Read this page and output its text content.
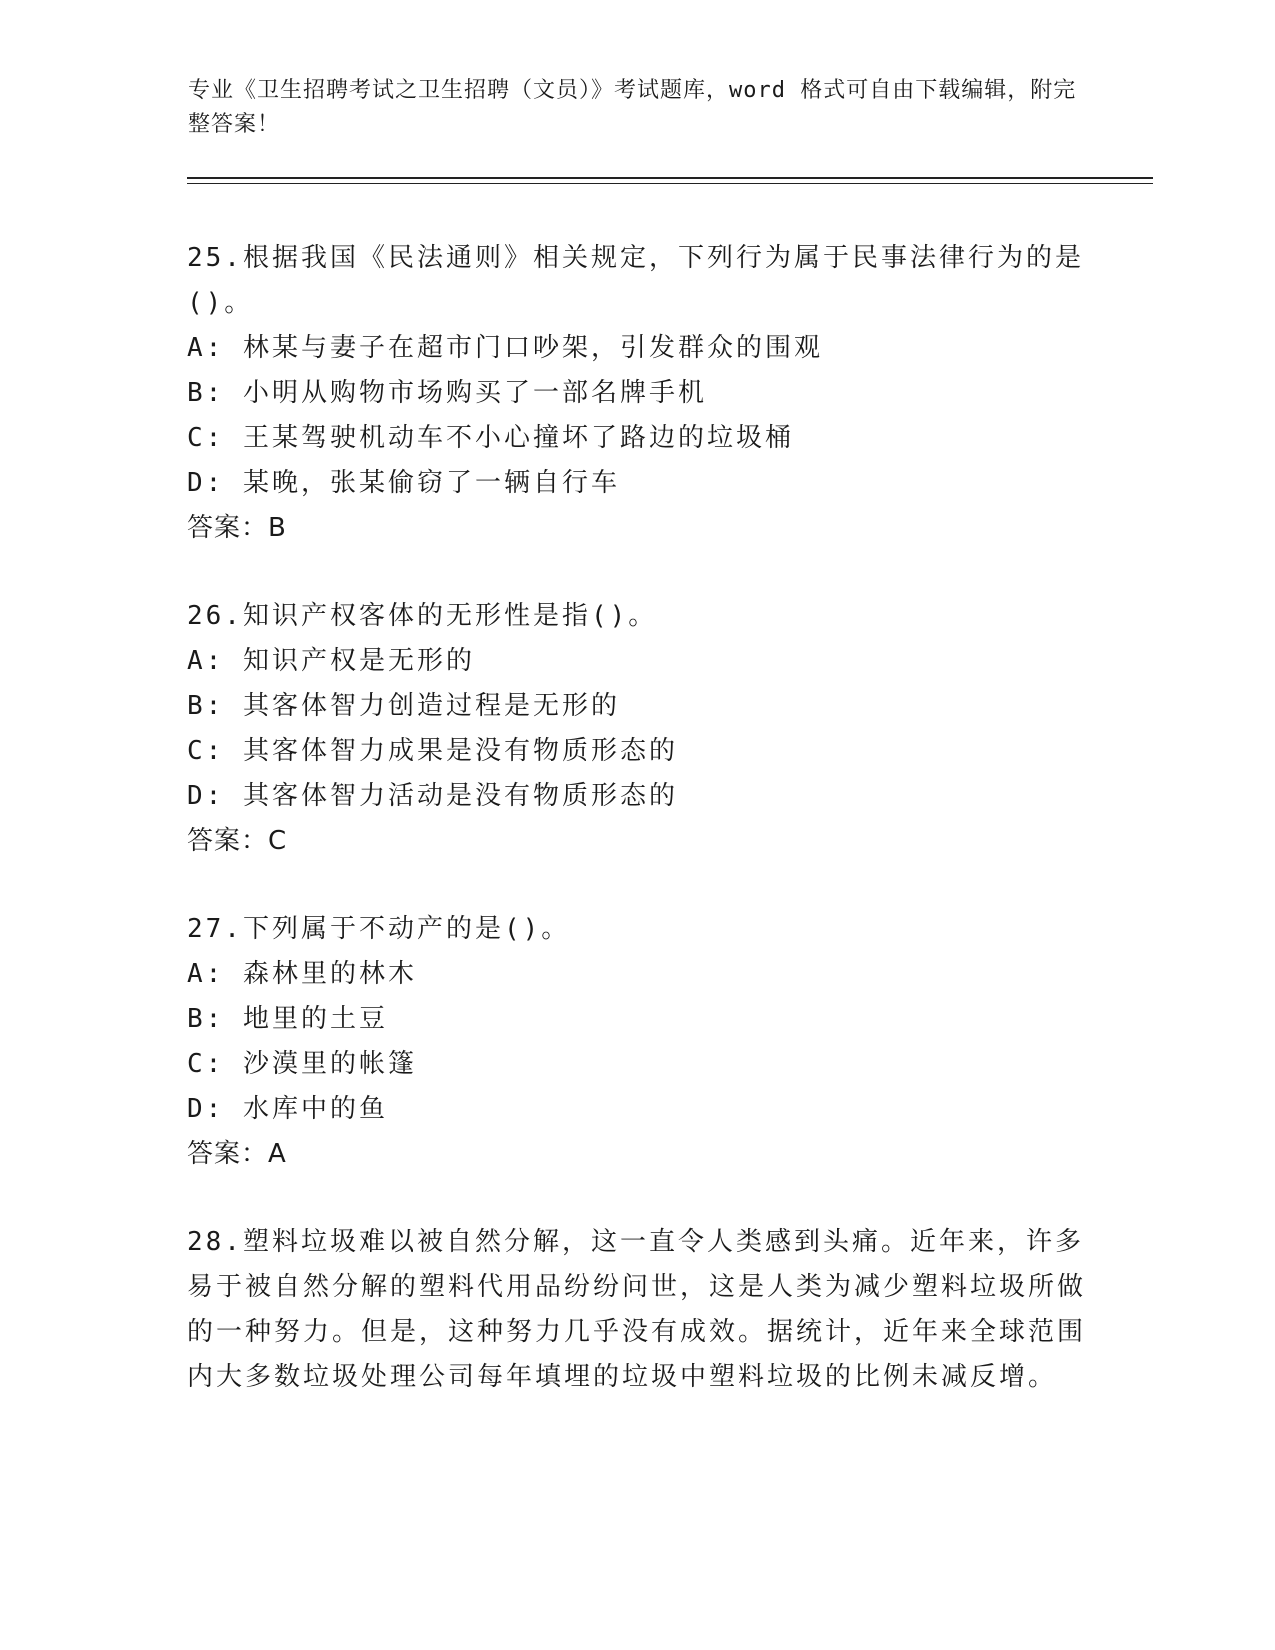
专业《卫生招聘考试之卫生招聘（文员）》考试题库，word 格式可自由下载编辑，附完整答案！

25.根据我国《民法通则》相关规定，下列行为属于民事法律行为的是()。

A: 林某与妻子在超市门口吵架，引发群众的围观

B: 小明从购物市场购买了一部名牌手机

C: 王某驾驶机动车不小心撞坏了路边的垃圾桶

D: 某晚，张某偷窃了一辆自行车

答案：B

26.知识产权客体的无形性是指()。

A: 知识产权是无形的

B: 其客体智力创造过程是无形的

C: 其客体智力成果是没有物质形态的

D: 其客体智力活动是没有物质形态的

答案：C

27.下列属于不动产的是()。

A: 森林里的林木

B: 地里的土豆

C: 沙漠里的帐篷

D: 水库中的鱼

答案：A

28.塑料垃圾难以被自然分解，这一直令人类感到头痛。近年来，许多易于被自然分解的塑料代用品纷纷问世，这是人类为减少塑料垃圾所做的一种努力。但是，这种努力几乎没有成效。据统计，近年来全球范围内大多数垃圾处理公司每年填埋的垃圾中塑料垃圾的比例未减反增。
